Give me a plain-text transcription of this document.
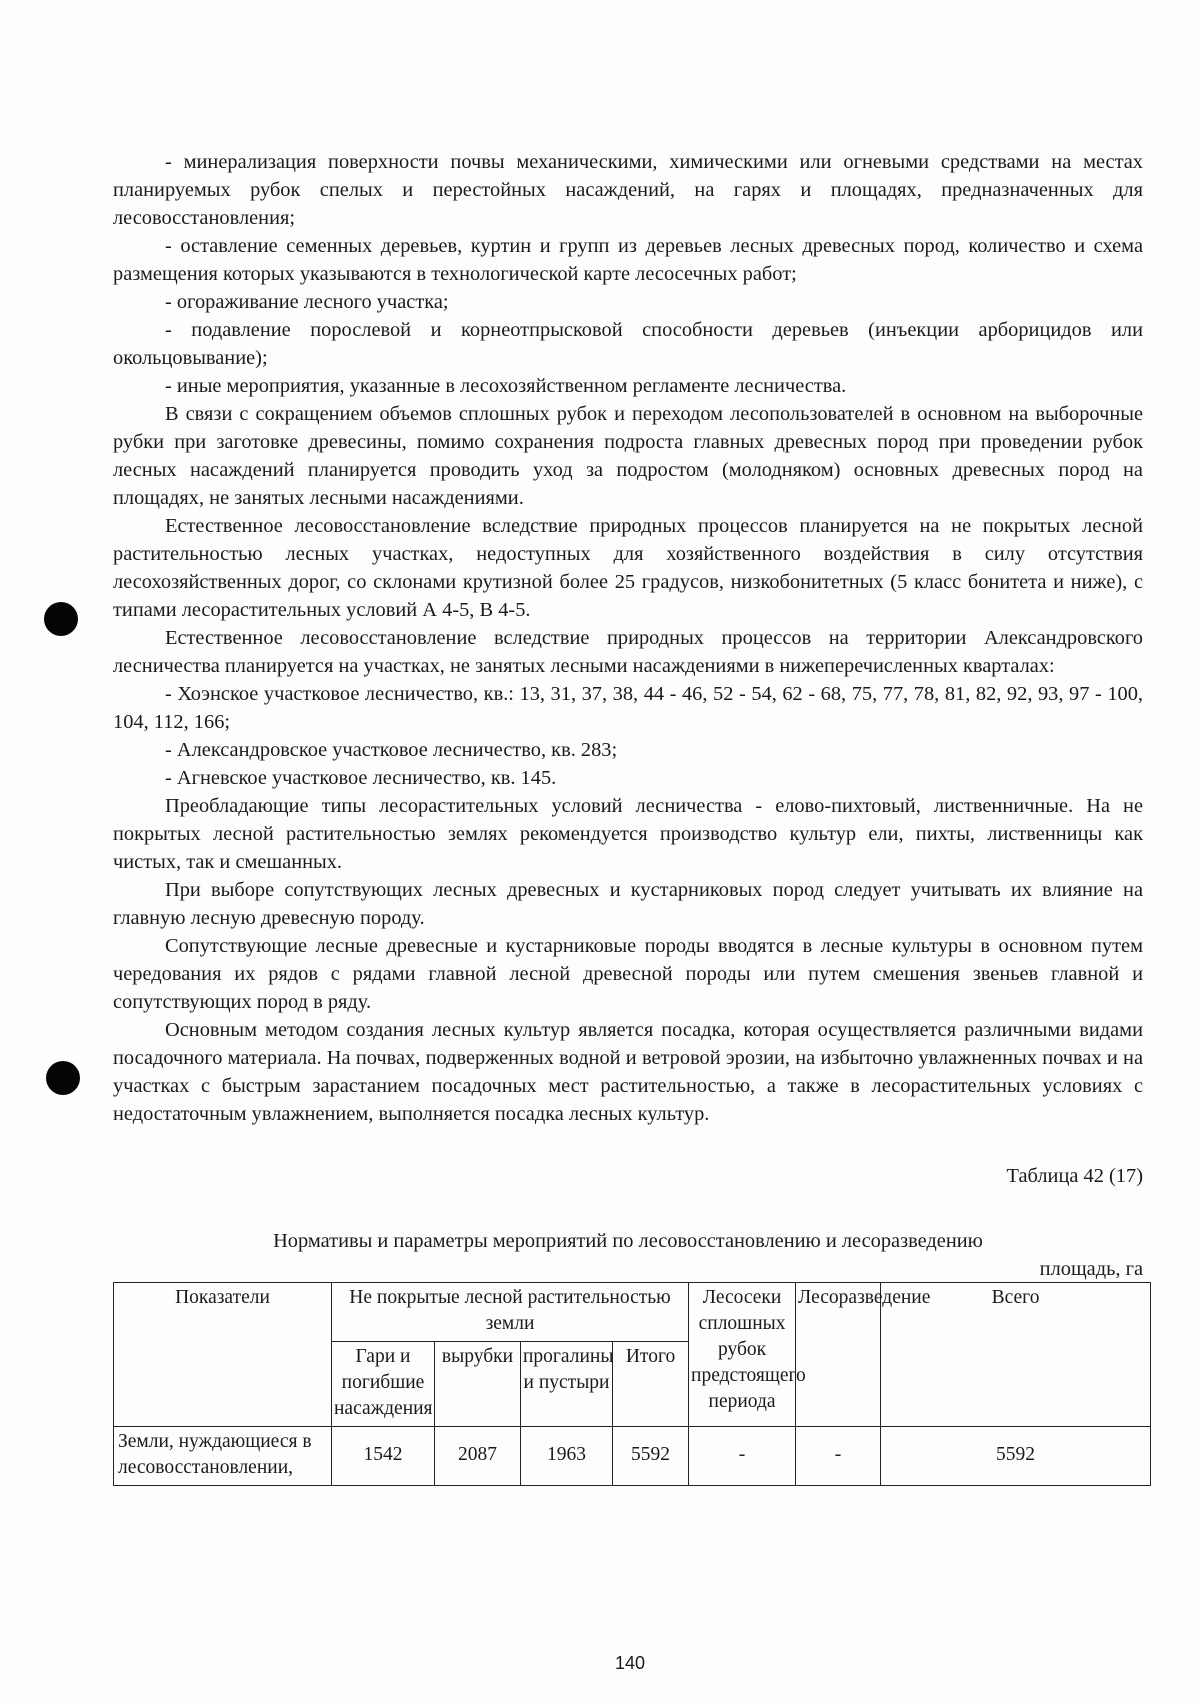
- минерализация поверхности почвы механическими, химическими или огневыми средствами на местах планируемых рубок спелых и перестойных насаждений, на гарях и площадях, предназначенных для лесовосстановления;

- оставление семенных деревьев, куртин и групп из деревьев лесных древесных пород, количество и схема размещения которых указываются в технологической карте лесосечных работ;

- огораживание лесного участка;

- подавление порослевой и корнеотпрысковой способности деревьев (инъекции арборицидов или окольцовывание);

- иные мероприятия, указанные в лесохозяйственном регламенте лесничества.

В связи с сокращением объемов сплошных рубок и переходом лесопользователей в основном на выборочные рубки при заготовке древесины, помимо сохранения подроста главных древесных пород при проведении рубок лесных насаждений планируется проводить уход за подростом (молодняком) основных древесных пород на площадях, не занятых лесными насаждениями.

Естественное лесовосстановление вследствие природных процессов планируется на не покрытых лесной растительностью лесных участках, недоступных для хозяйственного воздействия в силу отсутствия лесохозяйственных дорог, со склонами крутизной более 25 градусов, низкобонитетных (5 класс бонитета и ниже), с типами лесорастительных условий А 4-5, В 4-5.

Естественное лесовосстановление вследствие природных процессов на территории Александровского лесничества планируется на участках, не занятых лесными насаждениями в нижеперечисленных кварталах:

- Хоэнское участковое лесничество, кв.: 13, 31, 37, 38, 44 - 46, 52 - 54, 62 - 68, 75, 77, 78, 81, 82, 92, 93, 97 - 100, 104, 112, 166;

- Александровское участковое лесничество, кв. 283;

- Агневское участковое лесничество, кв. 145.

Преобладающие типы лесорастительных условий лесничества - елово-пихтовый, лиственничные. На не покрытых лесной растительностью землях рекомендуется производство культур ели, пихты, лиственницы как чистых, так и смешанных.

При выборе сопутствующих лесных древесных и кустарниковых пород следует учитывать их влияние на главную лесную древесную породу.

Сопутствующие лесные древесные и кустарниковые породы вводятся в лесные культуры в основном путем чередования их рядов с рядами главной лесной древесной породы или путем смешения звеньев главной и сопутствующих пород в ряду.

Основным методом создания лесных культур является посадка, которая осуществляется различными видами посадочного материала. На почвах, подверженных водной и ветровой эрозии, на избыточно увлажненных почвах и на участках с быстрым зарастанием посадочных мест растительностью, а также в лесорастительных условиях с недостаточным увлажнением, выполняется посадка лесных культур.

Таблица 42 (17)
Нормативы и параметры мероприятий по лесовосстановлению и лесоразведению
площадь, га
Показатели	Не покрытые лесной растительностью земли				Лесосеки сплошных рубок предстоящего периода	Лесоразведение	Всего
	Гари и погибшие насаждения	вырубки	прогалины и пустыри	Итого			
Земли, нуждающиеся в лесовосстановлении,	1542	2087	1963	5592	-	-	5592
140
